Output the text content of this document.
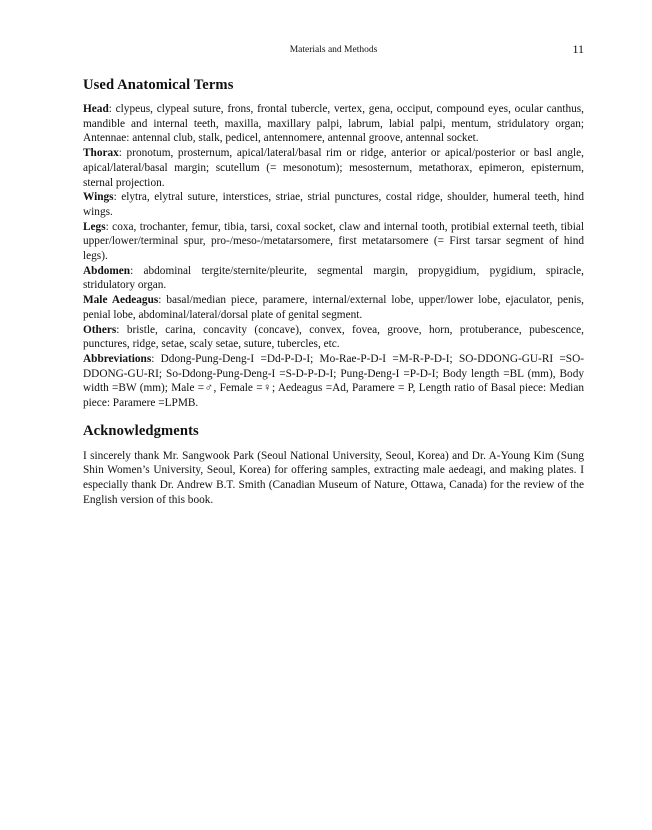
Materials and Methods	11
Used Anatomical Terms

Head: clypeus, clypeal suture, frons, frontal tubercle, vertex, gena, occiput, compound eyes, ocular canthus, mandible and internal teeth, maxilla, maxillary palpi, labrum, labial palpi, mentum, stridulatory organ; Antennae: antennal club, stalk, pedicel, antennomere, antennal groove, antennal socket.

Thorax: pronotum, prosternum, apical/lateral/basal rim or ridge, anterior or apical/posterior or basl angle, apical/lateral/basal margin; scutellum (= mesonotum); mesosternum, metathorax, epimeron, episternum, sternal projection.

Wings: elytra, elytral suture, interstices, striae, strial punctures, costal ridge, shoulder, humeral teeth, hind wings.

Legs: coxa, trochanter, femur, tibia, tarsi, coxal socket, claw and internal tooth, protibial external teeth, tibial upper/lower/terminal spur, pro-/meso-/metatarsomere, first metatarsomere (= First tarsar segment of hind legs).

Abdomen: abdominal tergite/sternite/pleurite, segmental margin, propygidium, pygidium, spiracle, stridulatory organ.

Male Aedeagus: basal/median piece, paramere, internal/external lobe, upper/lower lobe, ejaculator, penis, penial lobe, abdominal/lateral/dorsal plate of genital segment.

Others: bristle, carina, concavity (concave), convex, fovea, groove, horn, protuberance, pubescence, punctures, ridge, setae, scaly setae, suture, tubercles, etc.

Abbreviations: Ddong-Pung-Deng-I =Dd-P-D-I; Mo-Rae-P-D-I =M-R-P-D-I; SO-DDONG-GU-RI =SO-DDONG-GU-RI; So-Ddong-Pung-Deng-I =S-D-P-D-I; Pung-Deng-I =P-D-I; Body length =BL (mm), Body width =BW (mm); Male =♂, Female =♀; Aedeagus =Ad, Paramere = P, Length ratio of Basal piece: Median piece: Paramere =LPMB.

Acknowledgments

I sincerely thank Mr. Sangwook Park (Seoul National University, Seoul, Korea) and Dr. A-Young Kim (Sung Shin Women’s University, Seoul, Korea) for offering samples, extracting male aedeagi, and making plates. I especially thank Dr. Andrew B.T. Smith (Canadian Museum of Nature, Ottawa, Canada) for the review of the English version of this book.
